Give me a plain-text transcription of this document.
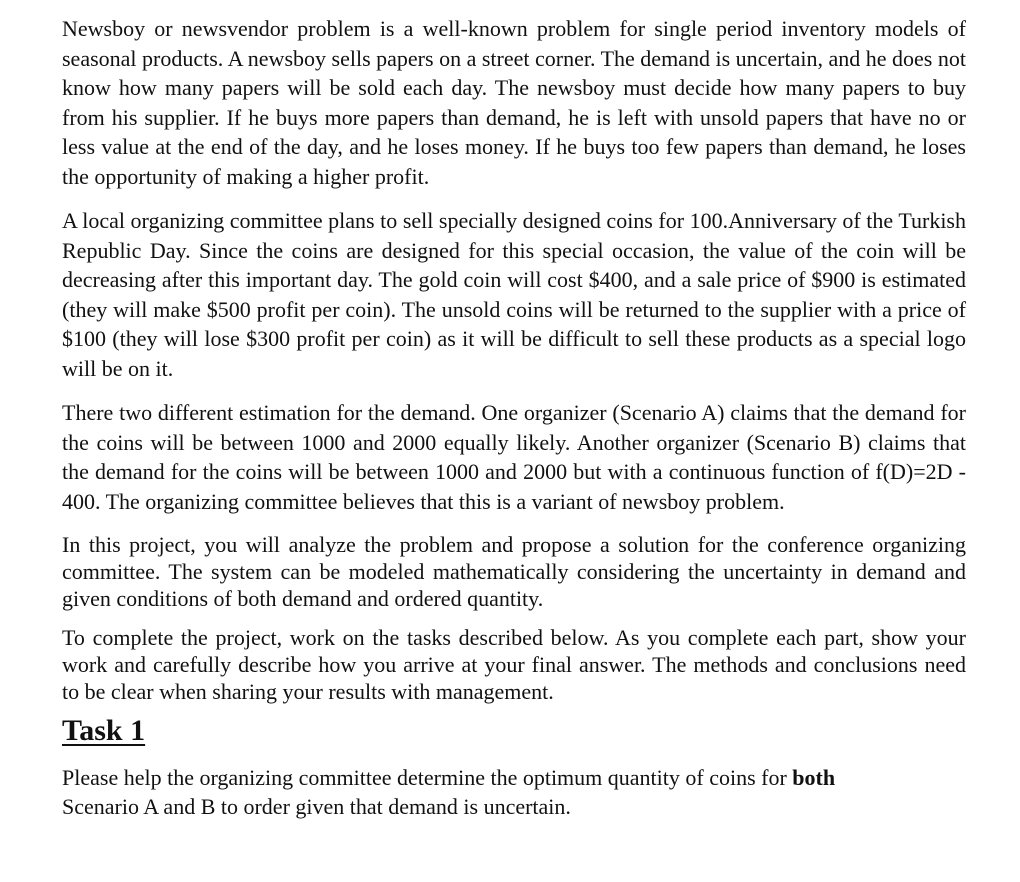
Newsboy or newsvendor problem is a well-known problem for single period inventory models of seasonal products. A newsboy sells papers on a street corner. The demand is uncertain, and he does not know how many papers will be sold each day. The newsboy must decide how many papers to buy from his supplier. If he buys more papers than demand, he is left with unsold papers that have no or less value at the end of the day, and he loses money. If he buys too few papers than demand, he loses the opportunity of making a higher profit.

A local organizing committee plans to sell specially designed coins for 100.Anniversary of the Turkish Republic Day. Since the coins are designed for this special occasion, the value of the coin will be decreasing after this important day. The gold coin will cost $400, and a sale price of $900 is estimated (they will make $500 profit per coin). The unsold coins will be returned to the supplier with a price of $100 (they will lose $300 profit per coin) as it will be difficult to sell these products as a special logo will be on it.

There two different estimation for the demand. One organizer (Scenario A) claims that the demand for the coins will be between 1000 and 2000 equally likely. Another organizer (Scenario B) claims that the demand for the coins will be between 1000 and 2000 but with a continuous function of f(D)=2D - 400. The organizing committee believes that this is a variant of newsboy problem.

In this project, you will analyze the problem and propose a solution for the conference organizing committee. The system can be modeled mathematically considering the uncertainty in demand and given conditions of both demand and ordered quantity.

To complete the project, work on the tasks described below. As you complete each part, show your work and carefully describe how you arrive at your final answer. The methods and conclusions need to be clear when sharing your results with management.

Task 1

Please help the organizing committee determine the optimum quantity of coins for both
Scenario A and B to order given that demand is uncertain.
